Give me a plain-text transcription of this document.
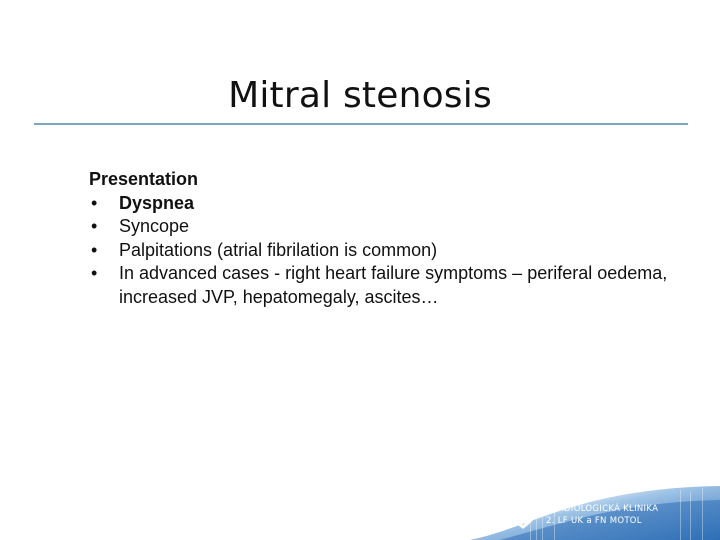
Mitral stenosis
Presentation
•	Dyspnea
•	Syncope
•	Palpitations (atrial fibrilation is common)
•	In advanced cases - right heart failure symptoms – periferal oedema, increased JVP, hepatomegaly, ascites…
KARDIOLOGICKÁ KLINIKA
2. LF UK a FN MOTOL
